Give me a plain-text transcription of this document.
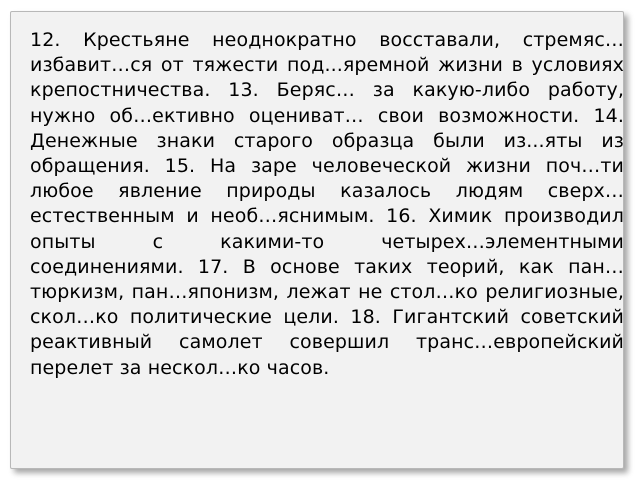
12. Крестьяне неоднократно восставали, стремяс… избавит…ся от тяжести под...яремной жизни в условиях крепостничества. 13. Беряс… за какую-либо работу, нужно об…ективно оцениват… свои возможности. 14. Денежные знаки старого образца были из...яты из обращения. 15. На заре человеческой жизни поч…ти любое явление природы казалось людям сверх…естественным и необ…яснимым. 16. Химик производил опыты с какими-то четырех…элементными соединениями. 17. В основе таких теорий, как пан…тюркизм, пан…японизм, лежат не стол…ко религиозные, скол…ко политические цели. 18. Гигантский советский реактивный самолет совершил транс…европейский перелет за нескол…ко часов.
